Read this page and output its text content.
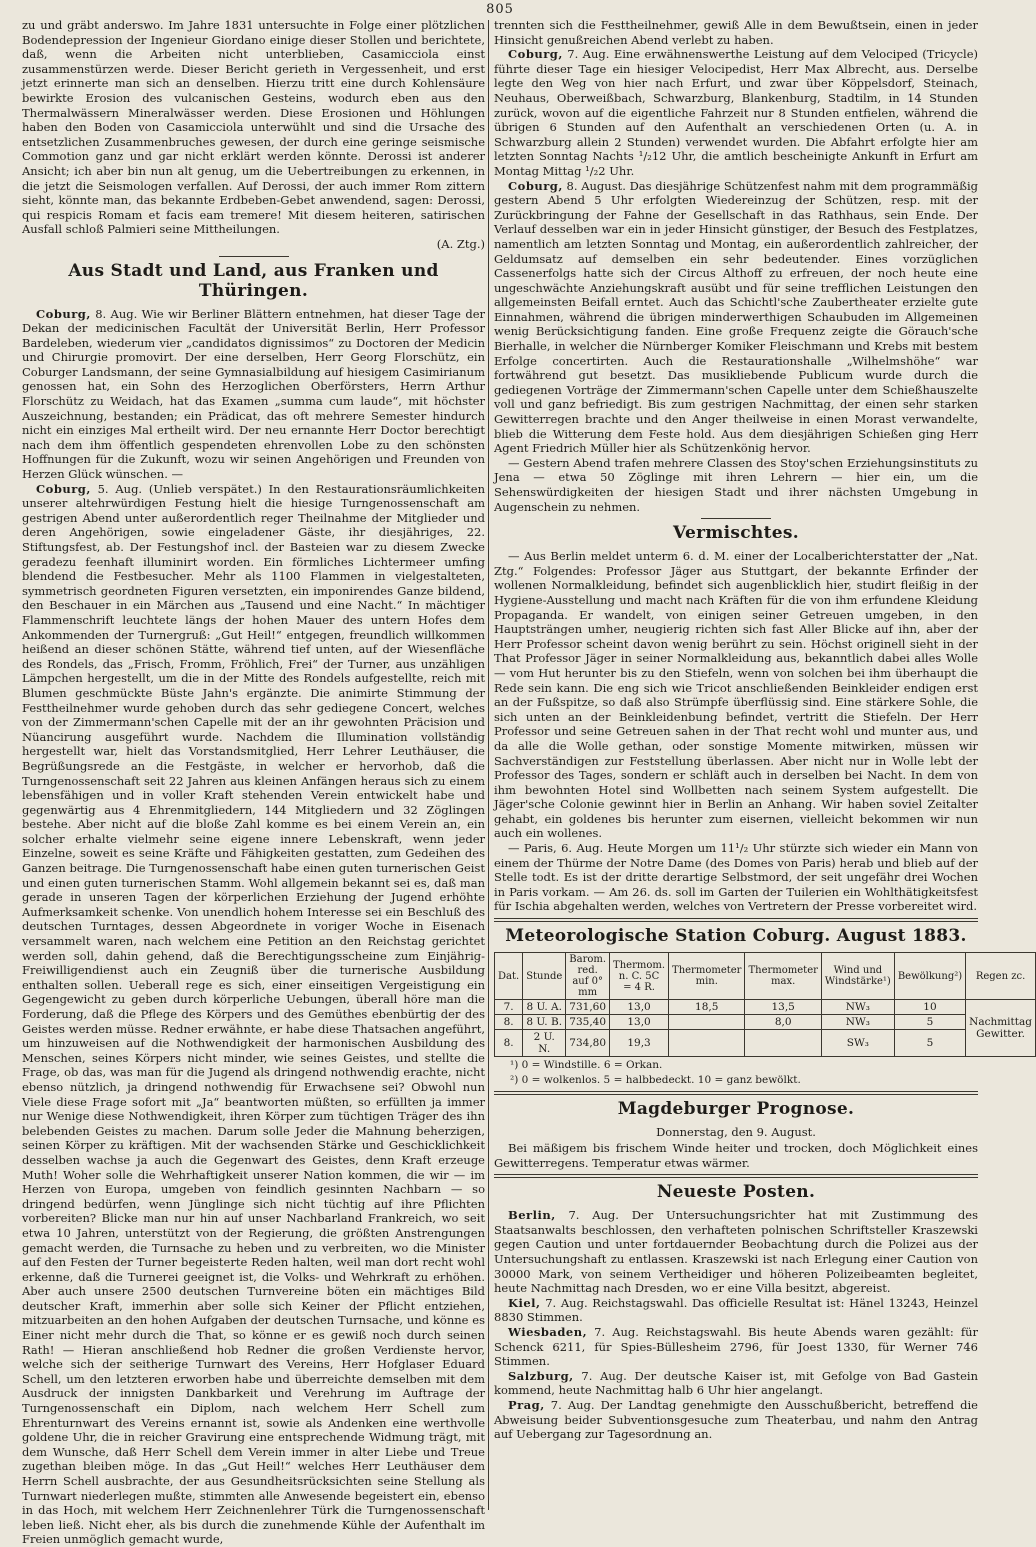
805

zu und gräbt anderswo. Im Jahre 1831 untersuchte in Folge einer plötzlichen Bodendepression der Ingenieur Giordano einige dieser Stollen und berichtete, daß, wenn die Arbeiten nicht unterblieben, Casamicciola einst zusammenstürzen werde. Dieser Bericht gerieth in Vergessenheit, und erst jetzt erinnerte man sich an denselben. Hierzu tritt eine durch Kohlensäure bewirkte Erosion des vulcanischen Gesteins, wodurch eben aus den Thermalwässern Mineralwässer werden. Diese Erosionen und Höhlungen haben den Boden von Casamicciola unterwühlt und sind die Ursache des entsetzlichen Zusammenbruches gewesen, der durch eine geringe seismische Commotion ganz und gar nicht erklärt werden könnte. Derossi ist anderer Ansicht; ich aber bin nun alt genug, um die Uebertreibungen zu erkennen, in die jetzt die Seismologen verfallen. Auf Derossi, der auch immer Rom zittern sieht, könnte man, das bekannte Erdbeben-Gebet anwendend, sagen: Derossi, qui respicis Romam et facis eam tremere! Mit diesem heiteren, satirischen Ausfall schloß Palmieri seine Mittheilungen.

(A. Ztg.)
Aus Stadt und Land, aus Franken und Thüringen.

Coburg, 8. Aug. Wie wir Berliner Blättern entnehmen, hat dieser Tage der Dekan der medicinischen Facultät der Universität Berlin, Herr Professor Bardeleben, wiederum vier „candidatos dignissimos“ zu Doctoren der Medicin und Chirurgie promovirt. Der eine derselben, Herr Georg Florschütz, ein Coburger Landsmann, der seine Gymnasialbildung auf hiesigem Casimirianum genossen hat, ein Sohn des Herzoglichen Oberförsters, Herrn Arthur Florschütz zu Weidach, hat das Examen „summa cum laude“, mit höchster Auszeichnung, bestanden; ein Prädicat, das oft mehrere Semester hindurch nicht ein einziges Mal ertheilt wird. Der neu ernannte Herr Doctor berechtigt nach dem ihm öffentlich gespendeten ehrenvollen Lobe zu den schönsten Hoffnungen für die Zukunft, wozu wir seinen Angehörigen und Freunden von Herzen Glück wünschen. —

Coburg, 5. Aug. (Unlieb verspätet.) In den Restaurationsräumlichkeiten unserer altehrwürdigen Festung hielt die hiesige Turngenossenschaft am gestrigen Abend unter außerordentlich reger Theilnahme der Mitglieder und deren Angehörigen, sowie eingeladener Gäste, ihr diesjähriges, 22. Stiftungsfest, ab. Der Festungshof incl. der Basteien war zu diesem Zwecke geradezu feenhaft illuminirt worden. Ein förmliches Lichtermeer umfing blendend die Festbesucher. Mehr als 1100 Flammen in vielgestalteten, symmetrisch geordneten Figuren versetzten, ein imponirendes Ganze bildend, den Beschauer in ein Märchen aus „Tausend und eine Nacht.“ In mächtiger Flammenschrift leuchtete längs der hohen Mauer des untern Hofes dem Ankommenden der Turnergruß: „Gut Heil!“ entgegen, freundlich willkommen heißend an dieser schönen Stätte, während tief unten, auf der Wiesenfläche des Rondels, das „Frisch, Fromm, Fröhlich, Frei“ der Turner, aus unzähligen Lämpchen hergestellt, um die in der Mitte des Rondels aufgestellte, reich mit Blumen geschmückte Büste Jahn's ergänzte. Die animirte Stimmung der Festtheilnehmer wurde gehoben durch das sehr gediegene Concert, welches von der Zimmermann'schen Capelle mit der an ihr gewohnten Präcision und Nüancirung ausgeführt wurde. Nachdem die Illumination vollständig hergestellt war, hielt das Vorstandsmitglied, Herr Lehrer Leuthäuser, die Begrüßungsrede an die Festgäste, in welcher er hervorhob, daß die Turngenossenschaft seit 22 Jahren aus kleinen Anfängen heraus sich zu einem lebensfähigen und in voller Kraft stehenden Verein entwickelt habe und gegenwärtig aus 4 Ehrenmitgliedern, 144 Mitgliedern und 32 Zöglingen bestehe. Aber nicht auf die bloße Zahl komme es bei einem Verein an, ein solcher erhalte vielmehr seine eigene innere Lebenskraft, wenn jeder Einzelne, soweit es seine Kräfte und Fähigkeiten gestatten, zum Gedeihen des Ganzen beitrage. Die Turngenossenschaft habe einen guten turnerischen Geist und einen guten turnerischen Stamm. Wohl allgemein bekannt sei es, daß man gerade in unseren Tagen der körperlichen Erziehung der Jugend erhöhte Aufmerksamkeit schenke. Von unendlich hohem Interesse sei ein Beschluß des deutschen Turntages, dessen Abgeordnete in voriger Woche in Eisenach versammelt waren, nach welchem eine Petition an den Reichstag gerichtet werden soll, dahin gehend, daß die Berechtigungsscheine zum Einjährig-Freiwilligendienst auch ein Zeugniß über die turnerische Ausbildung enthalten sollen. Ueberall rege es sich, einer einseitigen Vergeistigung ein Gegengewicht zu geben durch körperliche Uebungen, überall höre man die Forderung, daß die Pflege des Körpers und des Gemüthes ebenbürtig der des Geistes werden müsse. Redner erwähnte, er habe diese Thatsachen angeführt, um hinzuweisen auf die Nothwendigkeit der harmonischen Ausbildung des Menschen, seines Körpers nicht minder, wie seines Geistes, und stellte die Frage, ob das, was man für die Jugend als dringend nothwendig erachte, nicht ebenso nützlich, ja dringend nothwendig für Erwachsene sei? Obwohl nun Viele diese Frage sofort mit „Ja“ beantworten müßten, so erfüllten ja immer nur Wenige diese Nothwendigkeit, ihren Körper zum tüchtigen Träger des ihn belebenden Geistes zu machen. Darum solle Jeder die Mahnung beherzigen, seinen Körper zu kräftigen. Mit der wachsenden Stärke und Geschicklichkeit desselben wachse ja auch die Gegenwart des Geistes, denn Kraft erzeuge Muth! Woher solle die Wehrhaftigkeit unserer Nation kommen, die wir — im Herzen von Europa, umgeben von feindlich gesinnten Nachbarn — so dringend bedürfen, wenn Jünglinge sich nicht tüchtig auf ihre Pflichten vorbereiten? Blicke man nur hin auf unser Nachbarland Frankreich, wo seit etwa 10 Jahren, unterstützt von der Regierung, die größten Anstrengungen gemacht werden, die Turnsache zu heben und zu verbreiten, wo die Minister auf den Festen der Turner begeisterte Reden halten, weil man dort recht wohl erkenne, daß die Turnerei geeignet ist, die Volks- und Wehrkraft zu erhöhen. Aber auch unsere 2500 deutschen Turnvereine böten ein mächtiges Bild deutscher Kraft, immerhin aber solle sich Keiner der Pflicht entziehen, mitzuarbeiten an den hohen Aufgaben der deutschen Turnsache, und könne es Einer nicht mehr durch die That, so könne er es gewiß noch durch seinen Rath! — Hieran anschließend hob Redner die großen Verdienste hervor, welche sich der seitherige Turnwart des Vereins, Herr Hofglaser Eduard Schell, um den letzteren erworben habe und überreichte demselben mit dem Ausdruck der innigsten Dankbarkeit und Verehrung im Auftrage der Turngenossenschaft ein Diplom, nach welchem Herr Schell zum Ehrenturnwart des Vereins ernannt ist, sowie als Andenken eine werthvolle goldene Uhr, die in reicher Gravirung eine entsprechende Widmung trägt, mit dem Wunsche, daß Herr Schell dem Verein immer in alter Liebe und Treue zugethan bleiben möge. In das „Gut Heil!“ welches Herr Leuthäuser dem Herrn Schell ausbrachte, der aus Gesundheitsrücksichten seine Stellung als Turnwart niederlegen mußte, stimmten alle Anwesende begeistert ein, ebenso in das Hoch, mit welchem Herr Zeichnenlehrer Türk die Turngenossenschaft leben ließ. Nicht eher, als bis durch die zunehmende Kühle der Aufenthalt im Freien unmöglich gemacht wurde,

trennten sich die Festtheilnehmer, gewiß Alle in dem Bewußtsein, einen in jeder Hinsicht genußreichen Abend verlebt zu haben.

Coburg, 7. Aug. Eine erwähnenswerthe Leistung auf dem Velociped (Tricycle) führte dieser Tage ein hiesiger Velocipedist, Herr Max Albrecht, aus. Derselbe legte den Weg von hier nach Erfurt, und zwar über Köppelsdorf, Steinach, Neuhaus, Oberweißbach, Schwarzburg, Blankenburg, Stadtilm, in 14 Stunden zurück, wovon auf die eigentliche Fahrzeit nur 8 Stunden entfielen, während die übrigen 6 Stunden auf den Aufenthalt an verschiedenen Orten (u. A. in Schwarzburg allein 2 Stunden) verwendet wurden. Die Abfahrt erfolgte hier am letzten Sonntag Nachts ¹/₂12 Uhr, die amtlich bescheinigte Ankunft in Erfurt am Montag Mittag ¹/₂2 Uhr.

Coburg, 8. August. Das diesjährige Schützenfest nahm mit dem programmäßig gestern Abend 5 Uhr erfolgten Wiedereinzug der Schützen, resp. mit der Zurückbringung der Fahne der Gesellschaft in das Rathhaus, sein Ende. Der Verlauf desselben war ein in jeder Hinsicht günstiger, der Besuch des Festplatzes, namentlich am letzten Sonntag und Montag, ein außerordentlich zahlreicher, der Geldumsatz auf demselben ein sehr bedeutender. Eines vorzüglichen Cassenerfolgs hatte sich der Circus Althoff zu erfreuen, der noch heute eine ungeschwächte Anziehungskraft ausübt und für seine trefflichen Leistungen den allgemeinsten Beifall erntet. Auch das Schichtl'sche Zaubertheater erzielte gute Einnahmen, während die übrigen minderwerthigen Schaubuden im Allgemeinen wenig Berücksichtigung fanden. Eine große Frequenz zeigte die Görauch'sche Bierhalle, in welcher die Nürnberger Komiker Fleischmann und Krebs mit bestem Erfolge concertirten. Auch die Restaurationshalle „Wilhelmshöhe“ war fortwährend gut besetzt. Das musikliebende Publicum wurde durch die gediegenen Vorträge der Zimmermann'schen Capelle unter dem Schießhauszelte voll und ganz befriedigt. Bis zum gestrigen Nachmittag, der einen sehr starken Gewitterregen brachte und den Anger theilweise in einen Morast verwandelte, blieb die Witterung dem Feste hold. Aus dem diesjährigen Schießen ging Herr Agent Friedrich Müller hier als Schützenkönig hervor.

— Gestern Abend trafen mehrere Classen des Stoy'schen Erziehungsinstituts zu Jena — etwa 50 Zöglinge mit ihren Lehrern — hier ein, um die Sehenswürdigkeiten der hiesigen Stadt und ihrer nächsten Umgebung in Augenschein zu nehmen.

Vermischtes.

— Aus Berlin meldet unterm 6. d. M. einer der Localberichterstatter der „Nat. Ztg.“ Folgendes: Professor Jäger aus Stuttgart, der bekannte Erfinder der wollenen Normalkleidung, befindet sich augenblicklich hier, studirt fleißig in der Hygiene-Ausstellung und macht nach Kräften für die von ihm erfundene Kleidung Propaganda. Er wandelt, von einigen seiner Getreuen umgeben, in den Hauptsträngen umher, neugierig richten sich fast Aller Blicke auf ihn, aber der Herr Professor scheint davon wenig berührt zu sein. Höchst originell sieht in der That Professor Jäger in seiner Normalkleidung aus, bekanntlich dabei alles Wolle — vom Hut herunter bis zu den Stiefeln, wenn von solchen bei ihm überhaupt die Rede sein kann. Die eng sich wie Tricot anschließenden Beinkleider endigen erst an der Fußspitze, so daß also Strümpfe überflüssig sind. Eine stärkere Sohle, die sich unten an der Beinkleidenbung befindet, vertritt die Stiefeln. Der Herr Professor und seine Getreuen sahen in der That recht wohl und munter aus, und da alle die Wolle gethan, oder sonstige Momente mitwirken, müssen wir Sachverständigen zur Feststellung überlassen. Aber nicht nur in Wolle lebt der Professor des Tages, sondern er schläft auch in derselben bei Nacht. In dem von ihm bewohnten Hotel sind Wollbetten nach seinem System aufgestellt. Die Jäger'sche Colonie gewinnt hier in Berlin an Anhang. Wir haben soviel Zeitalter gehabt, ein goldenes bis herunter zum eisernen, vielleicht bekommen wir nun auch ein wollenes.

— Paris, 6. Aug. Heute Morgen um 11¹/₂ Uhr stürzte sich wieder ein Mann von einem der Thürme der Notre Dame (des Domes von Paris) herab und blieb auf der Stelle todt. Es ist der dritte derartige Selbstmord, der seit ungefähr drei Wochen in Paris vorkam. — Am 26. ds. soll im Garten der Tuilerien ein Wohlthätigkeitsfest für Ischia abgehalten werden, welches von Vertretern der Presse vorbereitet wird.

Meteorologische Station Coburg. August 1883.
Dat.	Stunde	Barom. red. auf 0° mm	Thermom. n. C. 5C = 4 R.	Thermometer min.	Thermometer max.	Wind und Windstärke¹)	Bewölkung²)	Regen zc.
7.	8 U. A.	731,60	13,0	18,5	13,5	NW₃	10	Nachmittag Gewitter.
8.	8 U. B.	735,40	13,0		8,0	NW₃	5	
8.	2 U. N.	734,80	19,3			SW₃	5	
¹) 0 = Windstille. 6 = Orkan.
²) 0 = wolkenlos. 5 = halbbedeckt. 10 = ganz bewölkt.
Magdeburger Prognose.
Donnerstag, den 9. August.

Bei mäßigem bis frischem Winde heiter und trocken, doch Möglichkeit eines Gewitterregens. Temperatur etwas wärmer.

Neueste Posten.

Berlin, 7. Aug. Der Untersuchungsrichter hat mit Zustimmung des Staatsanwalts beschlossen, den verhafteten polnischen Schriftsteller Kraszewski gegen Caution und unter fortdauernder Beobachtung durch die Polizei aus der Untersuchungshaft zu entlassen. Kraszewski ist nach Erlegung einer Caution von 30000 Mark, von seinem Vertheidiger und höheren Polizeibeamten begleitet, heute Nachmittag nach Dresden, wo er eine Villa besitzt, abgereist.

Kiel, 7. Aug. Reichstagswahl. Das officielle Resultat ist: Hänel 13243, Heinzel 8830 Stimmen.

Wiesbaden, 7. Aug. Reichstagswahl. Bis heute Abends waren gezählt: für Schenck 6211, für Spies-Büllesheim 2796, für Joest 1330, für Werner 746 Stimmen.

Salzburg, 7. Aug. Der deutsche Kaiser ist, mit Gefolge von Bad Gastein kommend, heute Nachmittag halb 6 Uhr hier angelangt.

Prag, 7. Aug. Der Landtag genehmigte den Ausschußbericht, betreffend die Abweisung beider Subventionsgesuche zum Theaterbau, und nahm den Antrag auf Uebergang zur Tagesordnung an.
